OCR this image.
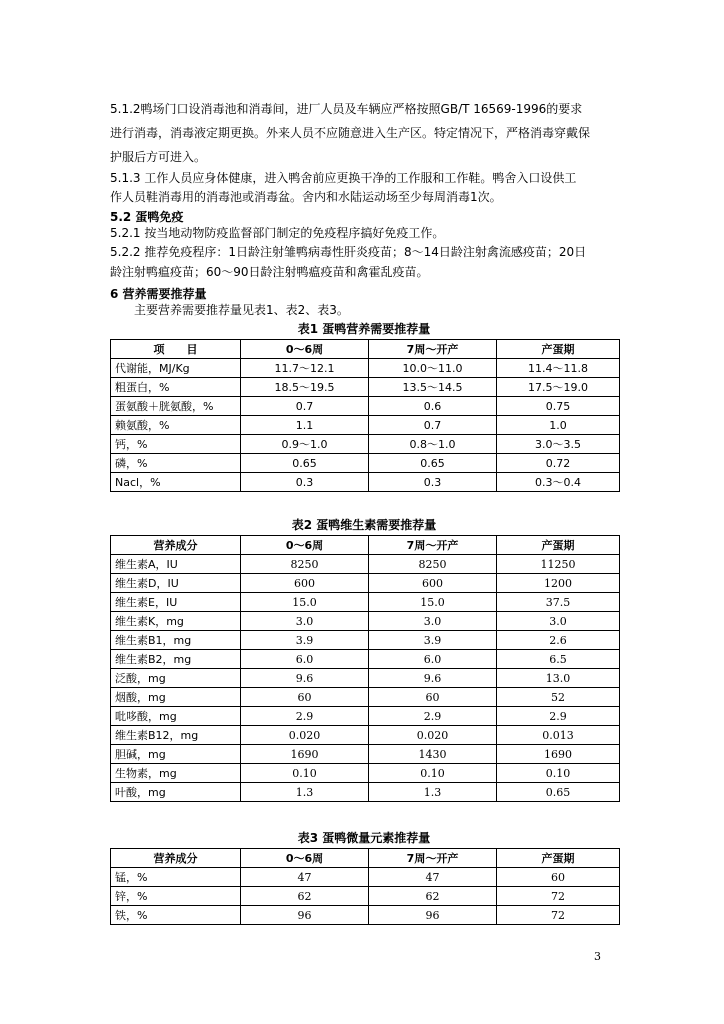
5.1.2鸭场门口设消毒池和消毒间，进厂人员及车辆应严格按照GB/T 16569-1996的要求

进行消毒，消毒液定期更换。外来人员不应随意进入生产区。特定情况下，严格消毒穿戴保

护服后方可进入。

5.1.3 工作人员应身体健康，进入鸭舍前应更换干净的工作服和工作鞋。鸭舍入口设供工

作人员鞋消毒用的消毒池或消毒盆。舍内和水陆运动场至少每周消毒1次。

5.2 蛋鸭免疫

5.2.1 按当地动物防疫监督部门制定的免疫程序搞好免疫工作。

5.2.2 推荐免疫程序：1日龄注射雏鸭病毒性肝炎疫苗；8～14日龄注射禽流感疫苗；20日

龄注射鸭瘟疫苗；60～90日龄注射鸭瘟疫苗和禽霍乱疫苗。

6 营养需要推荐量

主要营养需要推荐量见表1、表2、表3。

表1 蛋鸭营养需要推荐量

项　　目	0～6周	7周～开产	产蛋期
代谢能，MJ/Kg	11.7～12.1	10.0～11.0	11.4～11.8
粗蛋白，%	18.5～19.5	13.5～14.5	17.5～19.0
蛋氨酸＋胱氨酸，%	0.7	0.6	0.75
赖氨酸，%	1.1	0.7	1.0
钙，%	0.9～1.0	0.8～1.0	3.0～3.5
磷，%	0.65	0.65	0.72
Nacl，%	0.3	0.3	0.3～0.4

表2 蛋鸭维生素需要推荐量

营养成分	0～6周	7周～开产	产蛋期
维生素A，IU	8250	8250	11250
维生素D，IU	600	600	1200
维生素E，IU	15.0	15.0	37.5
维生素K，mg	3.0	3.0	3.0
维生素B1，mg	3.9	3.9	2.6
维生素B2，mg	6.0	6.0	6.5
泛酸，mg	9.6	9.6	13.0
烟酸，mg	60	60	52
吡哆酸，mg	2.9	2.9	2.9
维生素B12，mg	0.020	0.020	0.013
胆碱，mg	1690	1430	1690
生物素，mg	0.10	0.10	0.10
叶酸，mg	1.3	1.3	0.65

表3 蛋鸭微量元素推荐量

营养成分	0～6周	7周～开产	产蛋期
锰，%	47	47	60
锌，%	62	62	72
铁，%	96	96	72
3
